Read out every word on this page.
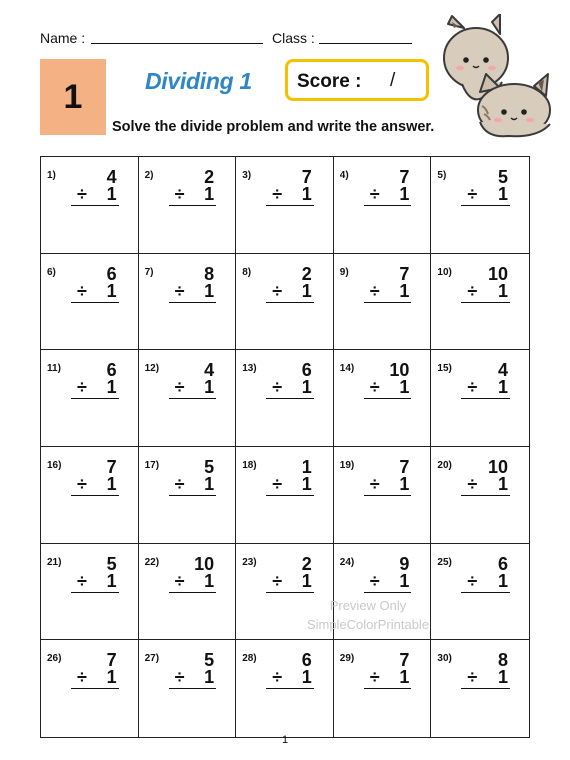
Name :	Class :
1	Dividing 1 Score : /
Solve the divide problem and write the answer.
1)	4
÷ 1
2)	2
÷ 1
3)	7
÷ 1
4)	7
÷ 1
5)	5
÷ 1
6)	6
÷ 1
7)	8
÷ 1
8)	2
÷ 1
9)	7
÷ 1
10) 10
÷ 1
11)	6
÷ 1
12)	4
÷ 1
13)	6
÷ 1
14) 10
÷ 1
15)	4
÷ 1
16)	7
÷ 1
17)	5
÷ 1
18)	1
÷ 1
19)	7
÷ 1
20) 10
÷ 1
21)	5
÷ 1
22) 10
÷ 1
23)	2
÷ 1
24)	9
÷ 1
25)	6
÷ 1
26)	7
÷ 1
27)	5
÷ 1
28)	6
÷ 1
29)	7
÷ 1
30)	8
÷ 1
Preview Only
SimpleColorPrintable
1
